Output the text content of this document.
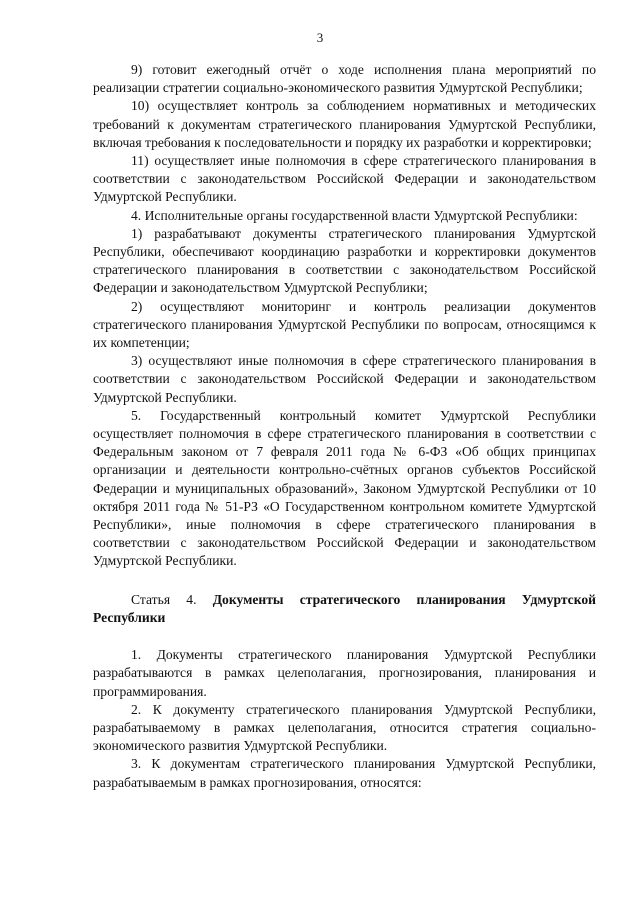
3

9) готовит ежегодный отчёт о ходе исполнения плана мероприятий по реализации стратегии социально-экономического развития Удмуртской Республики;

10) осуществляет контроль за соблюдением нормативных и методических требований к документам стратегического планирования Удмуртской Республики, включая требования к последовательности и порядку их разработки и корректировки;

11) осуществляет иные полномочия в сфере стратегического планирования в соответствии с законодательством Российской Федерации и законодательством Удмуртской Республики.

4. Исполнительные органы государственной власти Удмуртской Республики:

1) разрабатывают документы стратегического планирования Удмуртской Республики, обеспечивают координацию разработки и корректировки документов стратегического планирования в соответствии с законодательством Российской Федерации и законодательством Удмуртской Республики;

2) осуществляют мониторинг и контроль реализации документов стратегического планирования Удмуртской Республики по вопросам, относящимся к их компетенции;

3) осуществляют иные полномочия в сфере стратегического планирования в соответствии с законодательством Российской Федерации и законодательством Удмуртской Республики.

5. Государственный контрольный комитет Удмуртской Республики осуществляет полномочия в сфере стратегического планирования в соответствии с Федеральным законом от 7 февраля 2011 года № 6-ФЗ «Об общих принципах организации и деятельности контрольно-счётных органов субъектов Российской Федерации и муниципальных образований», Законом Удмуртской Республики от 10 октября 2011 года № 51-РЗ «О Государственном контрольном комитете Удмуртской Республики», иные полномочия в сфере стратегического планирования в соответствии с законодательством Российской Федерации и законодательством Удмуртской Республики.

Статья 4. Документы стратегического планирования Удмуртской Республики

1. Документы стратегического планирования Удмуртской Республики разрабатываются в рамках целеполагания, прогнозирования, планирования и программирования.

2. К документу стратегического планирования Удмуртской Республики, разрабатываемому в рамках целеполагания, относится стратегия социально-экономического развития Удмуртской Республики.

3. К документам стратегического планирования Удмуртской Республики, разрабатываемым в рамках прогнозирования, относятся:
